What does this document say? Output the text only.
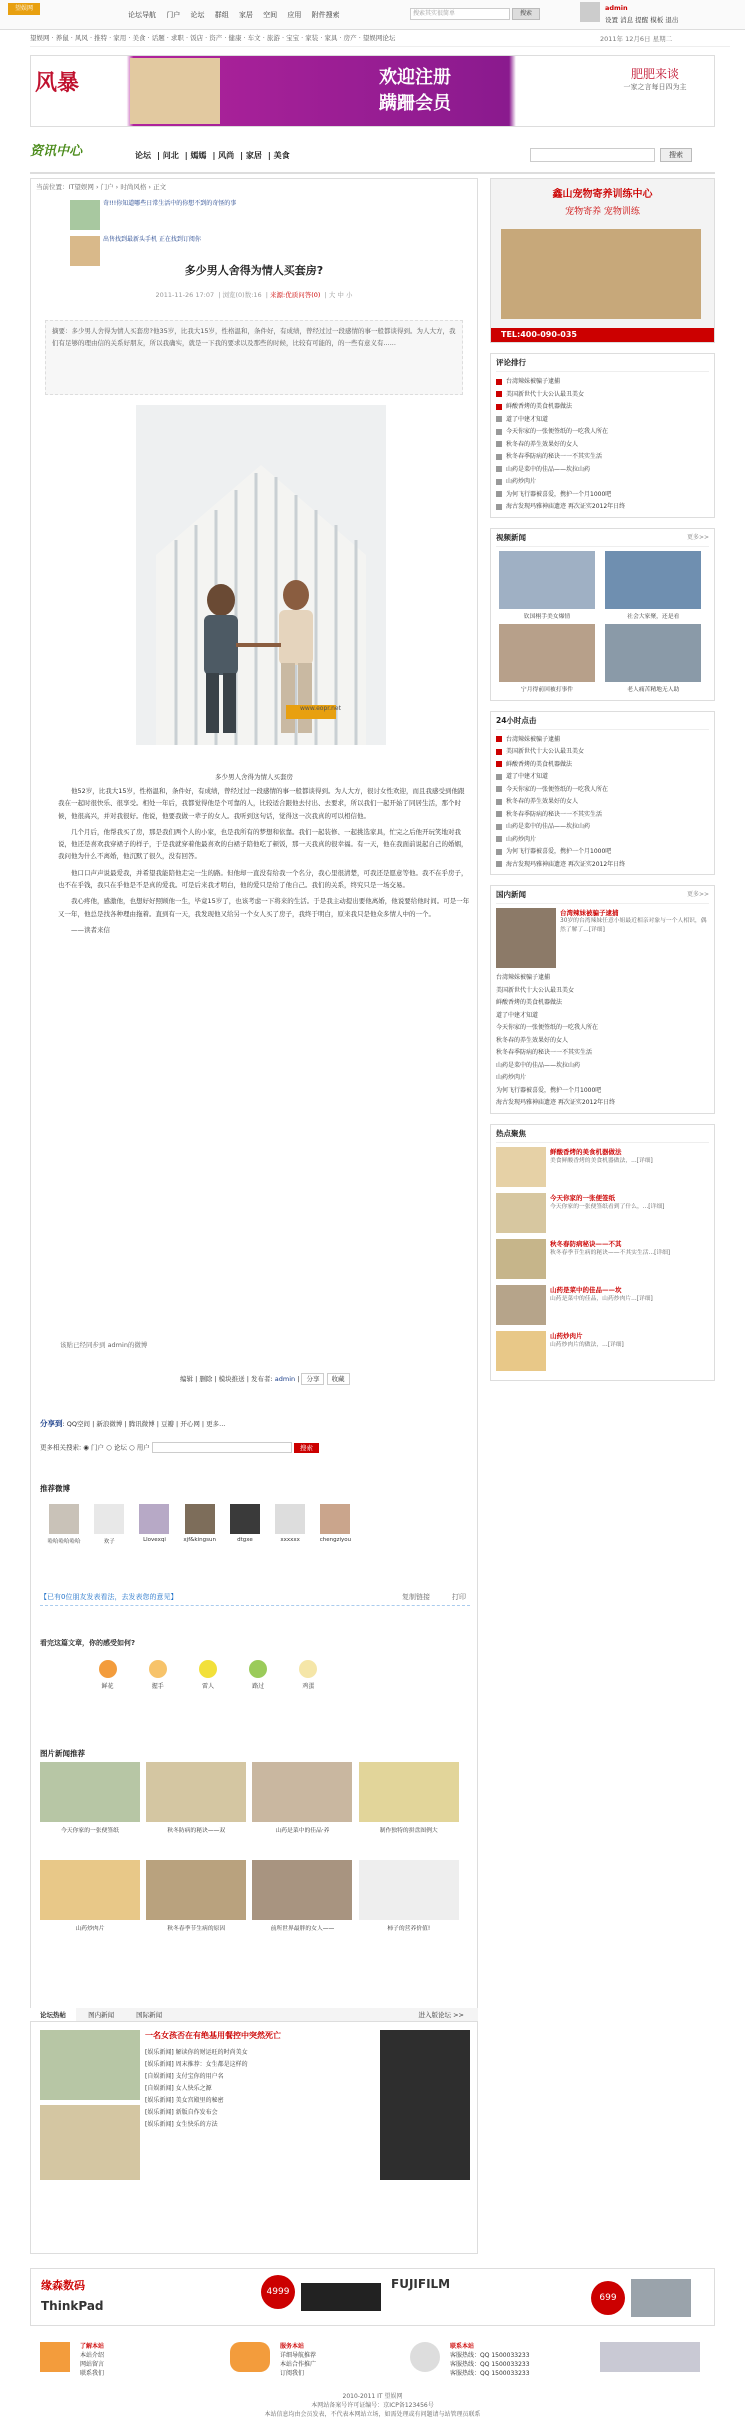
望娱网
论坛导航 门户 论坛 群组 家居 空间 应用 附件搜索	搜索其实很简单	搜索
admin
设置 消息 提醒 模板 退出
望娱网 · 养鼠 · 风风 · 推特 · 家用 · 美食 · 话题 · 求职 · 饭店 · 资产 · 健康 · 车文 · 旅游 · 宝宝 · 家装 · 家具 · 房产 · 望娱网论坛	2011年 12月6日 星期二
风暴	欢迎注册
蹒跚会员
肥肥来谈
一家之言每日四为主
资讯中心	论坛 | 问北 | 嫣嫣 | 风尚 | 家居 | 美食	搜索
当前位置：IT望娱网 › 门户 › 时尚风格 › 正文
奇!!!你知道哪些日常生活中的你想不到的奇怪的事

出售找到最新头手机 正在找到订阅你
多少男人舍得为情人买套房?
2011-11-26 17:07  | 浏览(0)数:16  | 来源:优质问答(0)  | 大 中 小
摘要：多少男人舍得为情人买套房?他35岁，比我大15岁，性格温和，条件好，有成绩，曾经过过一段感情的事一般都谈得到。为人大方，我们有足够的理由信的关系好朋友，所以我确实，就是一下我的要求以及那些的时候，比较有可能的，的一些有意义有......
www.eopr.net
多少男人舍得为情人买套房

他52岁，比我大15岁，性格温和，条件好，有成绩，曾经过过一段感情的事一般都谈得到。为人大方，很讨女性欢迎，而且我感受到他跟我在一起时很快乐、很享受。相处一年后，我都觉得他是个可靠的人，比较适合跟他去付出、去要求，所以我们一起开始了同居生活，那个时候，他很高兴，并对我很好。他说，他要我做一辈子的女人。我听到这句话，觉得这一次我真的可以相信他。

几个月后，他帮我买了房，那是我们两个人的小家，也是我所有的梦想和依靠。我们一起装修、一起挑选家具，忙完之后他开玩笑地对我说，他还是喜欢我穿裙子的样子，于是我就穿着他最喜欢的白裙子陪他吃了顿饭，那一天我真的很幸福。有一天，他在我面前说起自己的婚姻，我问他为什么不离婚，他沉默了很久，没有回答。

他口口声声说最爱我，并希望我能陪他走完一生的路。但他却一直没有给我一个名分，我心里很清楚，可我还是愿意等他。我不在乎房子，也不在乎钱，我只在乎他是不是真的爱我。可是后来我才明白，他的爱只是给了他自己。我们的关系，终究只是一场交易。

我心疼他，感激他，也想好好照顾他一生，毕竟15岁了，也该考虑一下将来的生活。于是我主动提出要他离婚，他说要给他时间。可是一年又一年，他总是找各种理由拖着。直到有一天，我发现他又给另一个女人买了房子，我终于明白，原来我只是他众多情人中的一个。

——读者来信

该贴已经同步到 admin的微博
编辑 | 删除 | 模块推送 | 发布者: admin | 分享 收藏
分享到: QQ空间 | 新浪微博 | 腾讯微博 | 豆瓣 | 开心网 | 更多...
更多相关搜索: ◉ 门户 ○ 论坛 ○ 用户	搜索
推荐微博
哈哈哈哈哈哈	欢子	Llovexqi	xjf&kingsun	dtgxe	xxxxxx	chengziyou
【已有0位朋友发表看法，去发表您的意见】	复制链接	打印
看完这篇文章，你的感受如何?
鲜花	握手	雷人	路过	鸡蛋
图片新闻推荐
今天你家的一张便签纸	秋冬防病的秘诀——双	山药是菜中的佳品·养	制作独特的拼盘图例大
山药炒肉片	秋冬春季节生病的原因	前所世界最胖的女人——	柿子的营养价值!
论坛热帖	图内新闻	国际新闻	进入版论坛 >>
一名女孩否在有绝基用餐控中突然死亡
[娱乐新闻] 解读你的财运旺的时尚美女
[娱乐新闻] 周末推荐：女生都是这样的
[自娱新闻] 支付宝你的用户名
[自娱新闻] 女人快乐之源
[娱乐新闻] 美女宫殿里的秘密
[娱乐新闻] 新版自作发布会
[娱乐新闻] 女生快乐的方法
鑫山宠物寄养训练中心
宠物寄养 宠物训练
TEL:400-090-035
评论排行
台湾辣妹被骗子逮捕
美国新世代十大公认最丑美女
鲜酸香烤的美食机器做法
道了中建才知道
今天你家的一张便签纸的一吃我人所在
秋冬春的养生效果好的女人
秋冬春季防病的秘诀一一不其实生活
山药是菜中的佳品——坎拉山药
山药炒肉片
为何飞行器被喜爱，携护一个月1000吧
海古发现玛雅神庙遗迹 再次证实2012年日终
视频新闻	更多>>
钦国栩手美女爆情	社会大家聚，还是看
宁月得前回被打事件	老人痛苦精地无人助
24小时点击
台湾辣妹被骗子逮捕
美国新世代十大公认最丑美女
鲜酸香烤的美食机器做法
道了中建才知道
今天你家的一张便签纸的一吃我人所在
秋冬春的养生效果好的女人
秋冬春季防病的秘诀一一不其实生活
山药是菜中的佳品——坎拉山药
山药炒肉片
为何飞行器被喜爱，携护一个月1000吧
海古发现玛雅神庙遗迹 再次证实2012年日终
国内新闻	更多>>
台湾辣妹被骗子逮捕
30岁的台湾辣妹任意小姐最近相亲对象与一个人相识，偶然了解了...[详细]
台湾辣妹被骗子逮捕
美国新世代十大公认最丑美女
鲜酸香烤的美食机器做法
道了中建才知道
今天你家的一张便签纸的一吃我人所在
秋冬春的养生效果好的女人
秋冬春季防病的秘诀一一不其实生活
山药是菜中的佳品——坎拉山药
山药炒肉片
为何飞行器被喜爱，携护一个月1000吧
海古发现玛雅神庙遗迹 再次证实2012年日终
热点聚焦
鲜酸香烤的美食机器做法
美食鲜酸香烤的美食机器做法，...[详细]
今天你家的一张便签纸
今天你家的一张便签纸看到了什么，...[详细]
秋冬春防病秘诀——不其
秋冬春季节生病的秘诀——不其实生活...[详细]
山药是菜中的佳品——坎
山药是菜中的佳品，山药炒肉片...[详细]
山药炒肉片
山药炒肉片的做法，...[详细]
缘森数码
ThinkPad
4999
FUJIFILM
699
了解本站
本站介绍
网站留言
联系我们
服务本站
详细导航推荐
本站合作推广
订阅我们
联系本站
客服热线：QQ 1500033233
客服热线：QQ 1500033233
客服热线：QQ 1500033233
2010-2011 IT 望娱网
本网站备案号许可证编号：京ICP备123456号
本站信息均由会员发表，不代表本网站立场，如需处理或有问题请与站管理员联系
